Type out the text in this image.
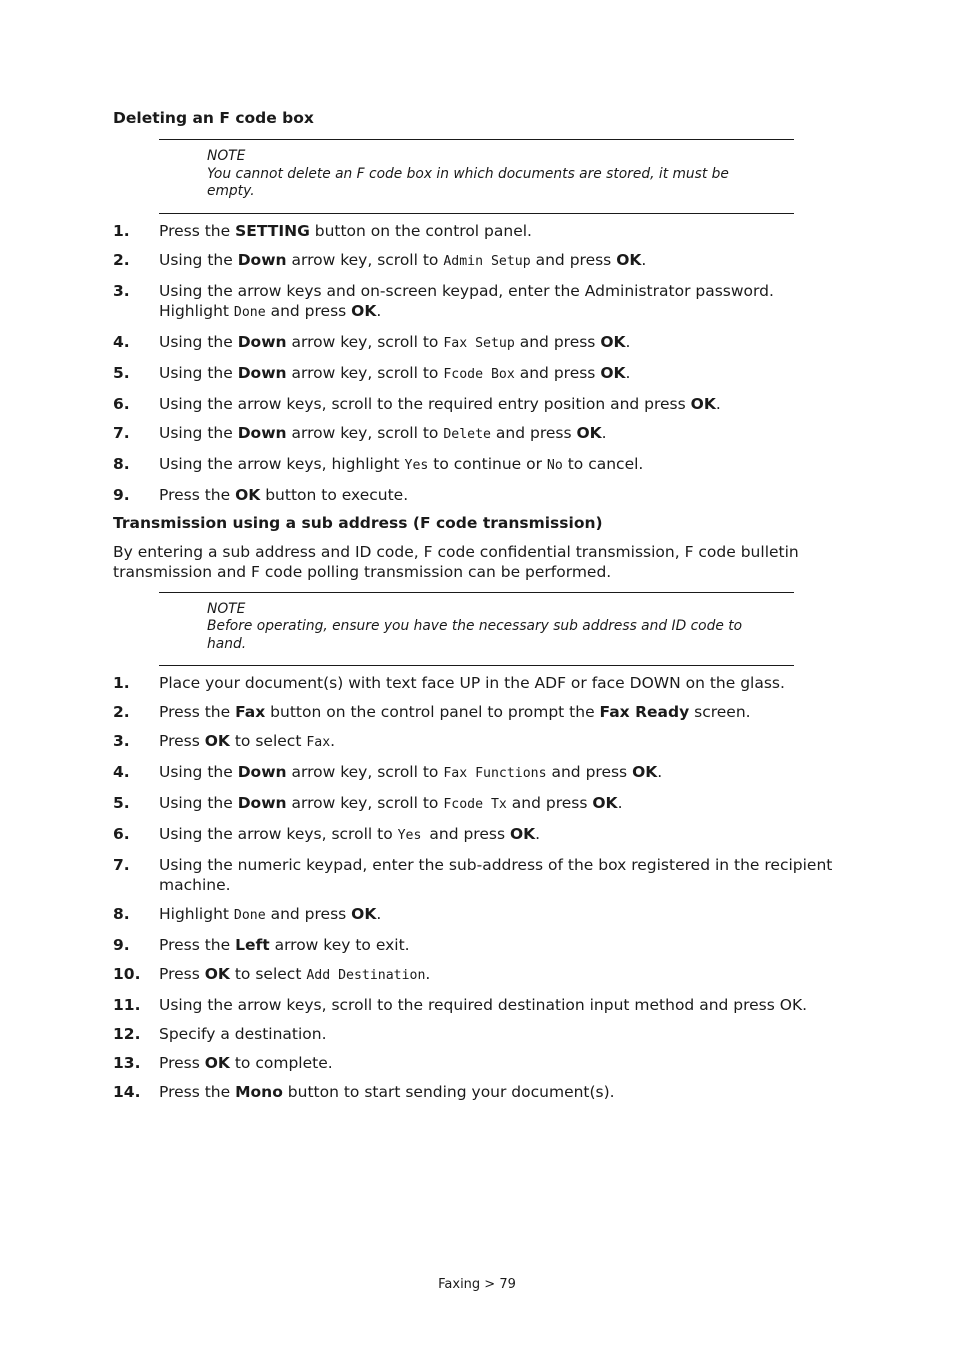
Deleting an F code box
NOTE
You cannot delete an F code box in which documents are stored, it must be empty.
1.	Press the SETTING button on the control panel.
2.	Using the Down arrow key, scroll to Admin Setup and press OK.
3.	Using the arrow keys and on-screen keypad, enter the Administrator password. Highlight Done and press OK.
4.	Using the Down arrow key, scroll to Fax Setup and press OK.
5.	Using the Down arrow key, scroll to Fcode Box and press OK.
6.	Using the arrow keys, scroll to the required entry position and press OK.
7.	Using the Down arrow key, scroll to Delete and press OK.
8.	Using the arrow keys, highlight Yes to continue or No to cancel.
9.	Press the OK button to execute.
Transmission using a sub address (F code transmission)

By entering a sub address and ID code, F code confidential transmission, F code bulletin transmission and F code polling transmission can be performed.

NOTE
Before operating, ensure you have the necessary sub address and ID code to hand.
1.	Place your document(s) with text face UP in the ADF or face DOWN on the glass.
2.	Press the Fax button on the control panel to prompt the Fax Ready screen.
3.	Press OK to select Fax.
4.	Using the Down arrow key, scroll to Fax Functions and press OK.
5.	Using the Down arrow key, scroll to Fcode Tx and press OK.
6.	Using the arrow keys, scroll to Yes and press OK.
7.	Using the numeric keypad, enter the sub-address of the box registered in the recipient machine.
8.	Highlight Done and press OK.
9.	Press the Left arrow key to exit.
10.	Press OK to select Add Destination.
11.	Using the arrow keys, scroll to the required destination input method and press OK.
12.	Specify a destination.
13.	Press OK to complete.
14.	Press the Mono button to start sending your document(s).
Faxing > 79
